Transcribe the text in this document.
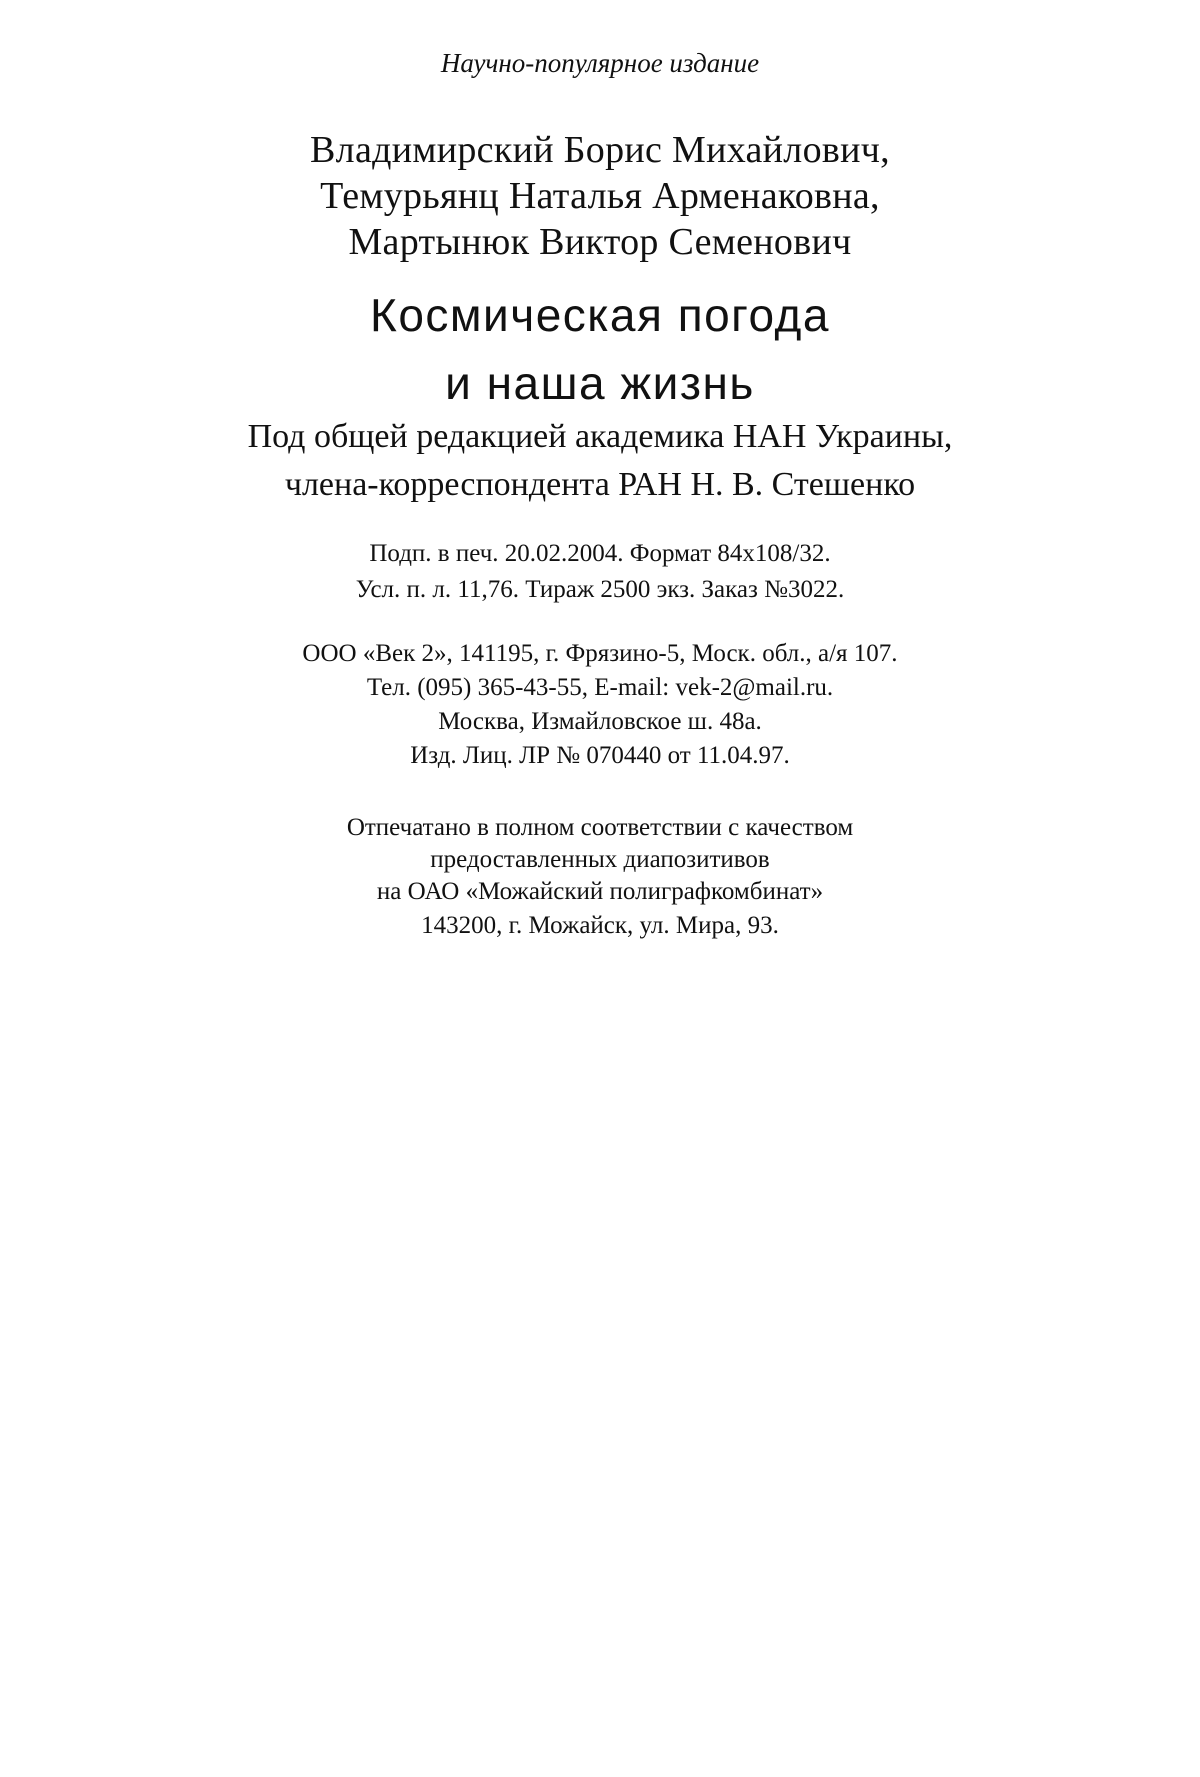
Научно-популярное издание
Владимирский Борис Михайлович,
Темурьянц Наталья Арменаковна,
Мартынюк Виктор Семенович
Космическая погода
и наша жизнь
Под общей редакцией академика НАН Украины,
члена-корреспондента РАН Н. В. Стешенко
Подп. в печ. 20.02.2004. Формат 84x108/32.
Усл. п. л. 11,76. Тираж 2500 экз. Заказ №3022.
ООО «Век 2», 141195, г. Фрязино-5, Моск. обл., а/я 107.
Тел. (095) 365-43-55, E-mail: vek-2@mail.ru.
Москва, Измайловское ш. 48а.
Изд. Лиц. ЛР № 070440 от 11.04.97.
Отпечатано в полном соответствии с качеством
предоставленных диапозитивов
на ОАО «Можайский полиграфкомбинат»
143200, г. Можайск, ул. Мира, 93.
